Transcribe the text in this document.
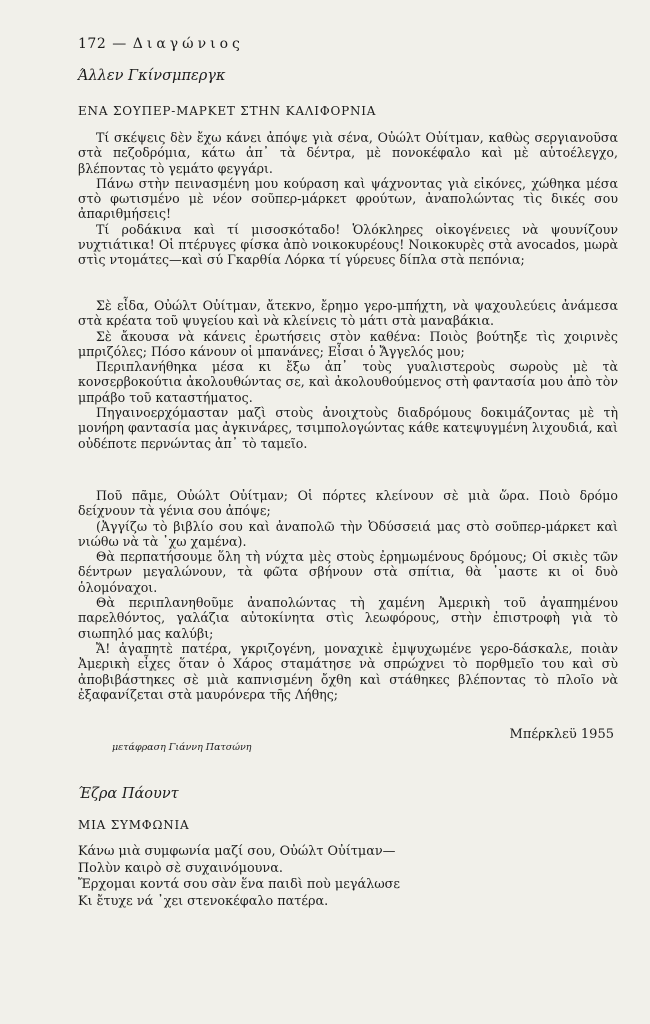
172 — Διαγώνιος
Άλλεν Γκίνσμπεργκ
ΕΝΑ ΣΟΥΠΕΡ-ΜΑΡΚΕΤ ΣΤΗΝ ΚΑΛΙΦΟΡΝΙΑ

Τί σκέψεις δὲν ἔχω κάνει ἀπόψε γιὰ σένα, Οὐώλτ Οὐίτμαν, καθὼς σεργιανοῦσα στὰ πεζοδρόμια, κάτω ἀπ᾽ τὰ δέντρα, μὲ πονοκέφαλο καὶ μὲ αὐτοέλεγχο, βλέποντας τὸ γεμάτο φεγγάρι.

Πάνω στὴν πεινασμένη μου κούραση καὶ ψάχνοντας γιὰ εἰκόνες, χώθηκα μέσα στὸ φωτισμένο μὲ νέον σοῦπερ-μάρκετ φρούτων, ἀναπολώντας τὶς δικές σου ἀπαριθμήσεις!

Τί ροδάκινα καὶ τί μισοσκόταδο! Ὁλόκληρες οἰκογένειες νὰ ψουνίζουν νυχτιάτικα! Οἱ πτέρυγες φίσκα ἀπὸ νοικοκυρέους! Νοικοκυρὲς στὰ avocados, μωρὰ στὶς ντομάτες—καὶ σύ Γκαρθία Λόρκα τί γύρευες δίπλα στὰ πεπόνια;

Σὲ εἶδα, Οὐώλτ Οὐίτμαν, ἄτεκνο, ἔρημο γερο-μπήχτη, νὰ ψαχουλεύεις ἀνάμεσα στὰ κρέατα τοῦ ψυγείου καὶ νὰ κλείνεις τὸ μάτι στὰ μαναβάκια.

Σὲ ἄκουσα νὰ κάνεις ἐρωτήσεις στὸν καθένα: Ποιὸς βούτηξε τὶς χοιρινὲς μπριζόλες; Πόσο κάνουν οἱ μπανάνες; Εἶσαι ὁ Ἄγγελός μου;

Περιπλανήθηκα μέσα κι ἔξω ἀπ᾽ τοὺς γυαλιστεροὺς σωροὺς μὲ τὰ κονσερβοκούτια ἀκολουθώντας σε, καὶ ἀκολουθούμενος στὴ φαντασία μου ἀπὸ τὸν μπράβο τοῦ καταστήματος.

Πηγαινοερχόμασταν μαζὶ στοὺς ἀνοιχτοὺς διαδρόμους δοκιμάζοντας μὲ τὴ μονήρη φαντασία μας ἀγκινάρες, τσιμπολογώντας κάθε κατεψυγμένη λιχουδιά, καὶ οὐδέποτε περνώντας ἀπ᾽ τὸ ταμεῖο.

Ποῦ πᾶμε, Οὐώλτ Οὐίτμαν; Οἱ πόρτες κλείνουν σὲ μιὰ ὥρα. Ποιὸ δρόμο δείχνουν τὰ γένια σου ἀπόψε;

(Ἀγγίζω τὸ βιβλίο σου καὶ ἀναπολῶ τὴν Ὀδύσσειά μας στὸ σοῦπερ-μάρκετ καὶ νιώθω νὰ τὰ ᾽χω χαμένα).

Θὰ περπατήσουμε ὅλη τὴ νύχτα μὲς στοὺς ἐρημωμένους δρόμους; Οἱ σκιὲς τῶν δέντρων μεγαλώνουν, τὰ φῶτα σβήνουν στὰ σπίτια, θὰ ᾽μαστε κι οἱ δυὸ ὁλομόναχοι.

Θὰ περιπλανηθοῦμε ἀναπολώντας τὴ χαμένη Ἀμερικὴ τοῦ ἀγαπημένου παρελθόντος, γαλάζια αὐτοκίνητα στὶς λεωφόρους, στὴν ἐπιστροφὴ γιὰ τὸ σιωπηλό μας καλύβι;

Ἄ! ἀγαπητὲ πατέρα, γκριζογένη, μοναχικὲ ἐμψυχωμένε γερο-δάσκαλε, ποιὰν Ἀμερικὴ εἶχες ὅταν ὁ Χάρος σταμάτησε νὰ σπρώχνει τὸ πορθμεῖο του καὶ σὺ ἀποβιβάστηκες σὲ μιὰ καπνισμένη ὄχθη καὶ στάθηκες βλέποντας τὸ πλοῖο νὰ ἐξαφανίζεται στὰ μαυρόνερα τῆς Λήθης;

Μπέρκλεϋ 1955
μετάφραση Γιάννη Πατσώνη
Έζρα Πάουντ
ΜΙΑ ΣΥΜΦΩΝΙΑ
Κάνω μιὰ συμφωνία μαζί σου, Οὐώλτ Οὐίτμαν—
Πολὺν καιρὸ σὲ συχαινόμουνα.
Ἔρχομαι κοντά σου σὰν ἕνα παιδὶ ποὺ μεγάλωσε
Κι ἔτυχε νά ᾽χει στενοκέφαλο πατέρα.
